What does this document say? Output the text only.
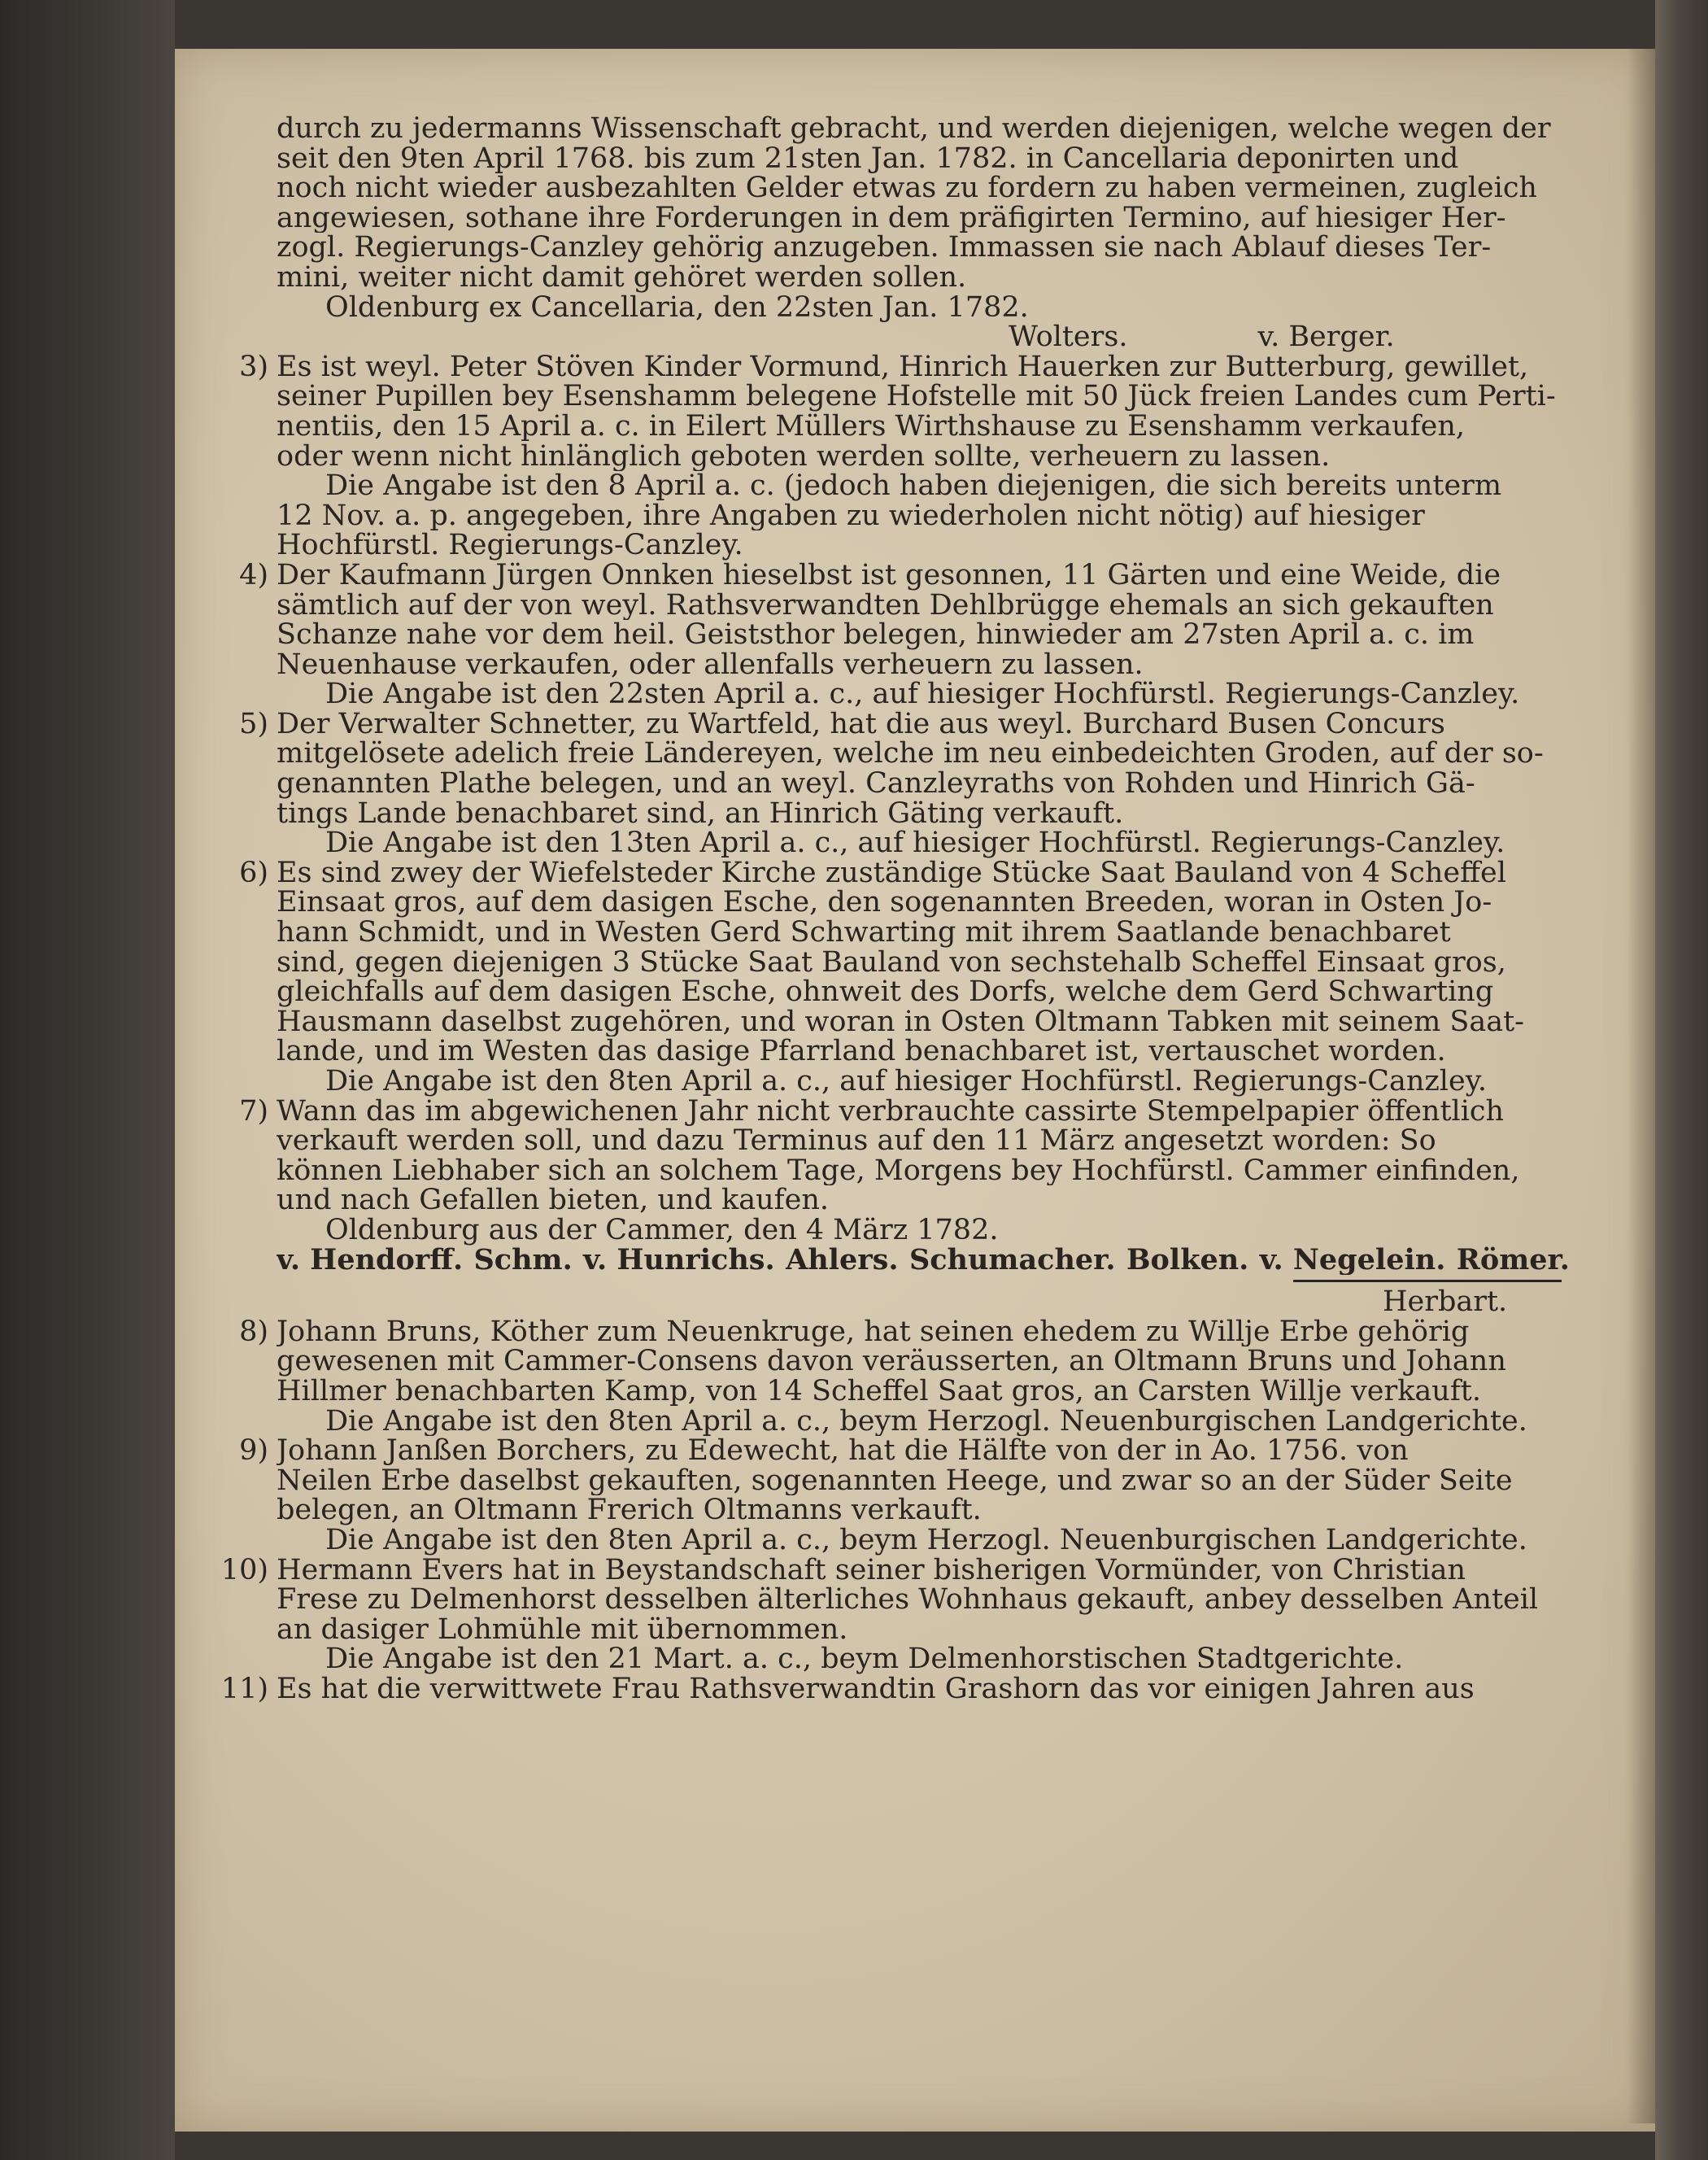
durch zu jedermanns Wissenschaft gebracht, und werden diejenigen, welche wegen der
seit den 9ten April 1768. bis zum 21sten Jan. 1782. in Cancellaria deponirten und
noch nicht wieder ausbezahlten Gelder etwas zu fordern zu haben vermeinen, zugleich
angewiesen, sothane ihre Forderungen in dem präfigirten Termino, auf hiesiger Her-
zogl. Regierungs-Canzley gehörig anzugeben. Immassen sie nach Ablauf dieses Ter-
mini, weiter nicht damit gehöret werden sollen.
Oldenburg ex Cancellaria, den 22sten Jan. 1782.
Wolters.	v. Berger.
3) Es ist weyl. Peter Stöven Kinder Vormund, Hinrich Hauerken zur Butterburg, gewillet,
seiner Pupillen bey Esenshamm belegene Hofstelle mit 50 Jück freien Landes cum Perti-
nentiis, den 15 April a. c. in Eilert Müllers Wirthshause zu Esenshamm verkaufen,
oder wenn nicht hinlänglich geboten werden sollte, verheuern zu lassen.
Die Angabe ist den 8 April a. c. (jedoch haben diejenigen, die sich bereits unterm
12 Nov. a. p. angegeben, ihre Angaben zu wiederholen nicht nötig) auf hiesiger
Hochfürstl. Regierungs-Canzley.
4) Der Kaufmann Jürgen Onnken hieselbst ist gesonnen, 11 Gärten und eine Weide, die
sämtlich auf der von weyl. Rathsverwandten Dehlbrügge ehemals an sich gekauften
Schanze nahe vor dem heil. Geiststhor belegen, hinwieder am 27sten April a. c. im
Neuenhause verkaufen, oder allenfalls verheuern zu lassen.
Die Angabe ist den 22sten April a. c., auf hiesiger Hochfürstl. Regierungs-Canzley.
5) Der Verwalter Schnetter, zu Wartfeld, hat die aus weyl. Burchard Busen Concurs
mitgelösete adelich freie Ländereyen, welche im neu einbedeichten Groden, auf der so-
genannten Plathe belegen, und an weyl. Canzleyraths von Rohden und Hinrich Gä-
tings Lande benachbaret sind, an Hinrich Gäting verkauft.
Die Angabe ist den 13ten April a. c., auf hiesiger Hochfürstl. Regierungs-Canzley.
6) Es sind zwey der Wiefelsteder Kirche zuständige Stücke Saat Bauland von 4 Scheffel
Einsaat gros, auf dem dasigen Esche, den sogenannten Breeden, woran in Osten Jo-
hann Schmidt, und in Westen Gerd Schwarting mit ihrem Saatlande benachbaret
sind, gegen diejenigen 3 Stücke Saat Bauland von sechstehalb Scheffel Einsaat gros,
gleichfalls auf dem dasigen Esche, ohnweit des Dorfs, welche dem Gerd Schwarting
Hausmann daselbst zugehören, und woran in Osten Oltmann Tabken mit seinem Saat-
lande, und im Westen das dasige Pfarrland benachbaret ist, vertauschet worden.
Die Angabe ist den 8ten April a. c., auf hiesiger Hochfürstl. Regierungs-Canzley.
7) Wann das im abgewichenen Jahr nicht verbrauchte cassirte Stempelpapier öffentlich
verkauft werden soll, und dazu Terminus auf den 11 März angesetzt worden: So
können Liebhaber sich an solchem Tage, Morgens bey Hochfürstl. Cammer einfinden,
und nach Gefallen bieten, und kaufen.
Oldenburg aus der Cammer, den 4 März 1782.
v. Hendorff. Schm. v. Hunrichs. Ahlers. Schumacher. Bolken. v. Negelein. Römer.
Herbart.
8) Johann Bruns, Köther zum Neuenkruge, hat seinen ehedem zu Willje Erbe gehörig
gewesenen mit Cammer-Consens davon veräusserten, an Oltmann Bruns und Johann
Hillmer benachbarten Kamp, von 14 Scheffel Saat gros, an Carsten Willje verkauft.
Die Angabe ist den 8ten April a. c., beym Herzogl. Neuenburgischen Landgerichte.
9) Johann Janßen Borchers, zu Edewecht, hat die Hälfte von der in Ao. 1756. von
Neilen Erbe daselbst gekauften, sogenannten Heege, und zwar so an der Süder Seite
belegen, an Oltmann Frerich Oltmanns verkauft.
Die Angabe ist den 8ten April a. c., beym Herzogl. Neuenburgischen Landgerichte.
10) Hermann Evers hat in Beystandschaft seiner bisherigen Vormünder, von Christian
Frese zu Delmenhorst desselben älterliches Wohnhaus gekauft, anbey desselben Anteil
an dasiger Lohmühle mit übernommen.
Die Angabe ist den 21 Mart. a. c., beym Delmenhorstischen Stadtgerichte.
11) Es hat die verwittwete Frau Rathsverwandtin Grashorn das vor einigen Jahren aus
